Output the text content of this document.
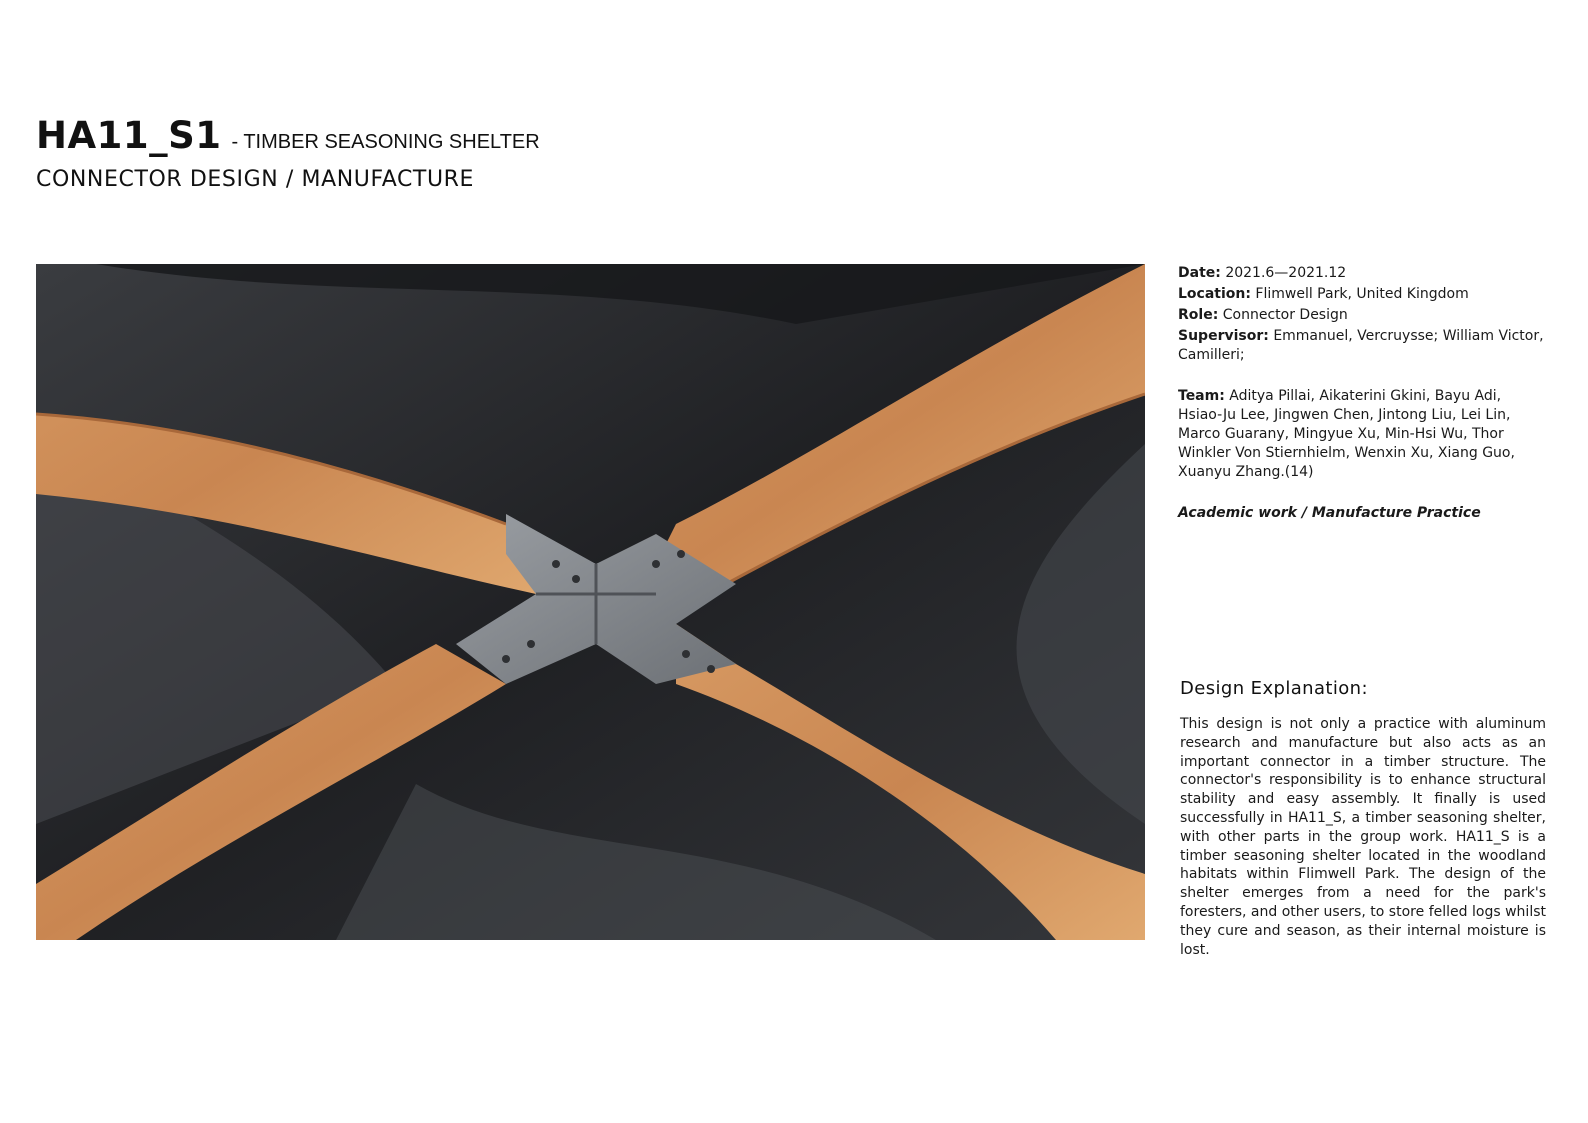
HA11_S1 - TIMBER SEASONING SHELTER
CONNECTOR DESIGN / MANUFACTURE

Date: 2021.6—2021.12

Location: Flimwell Park, United Kingdom

Role: Connector Design

Supervisor: Emmanuel, Vercruysse; William Victor, Camilleri;

Team: Aditya Pillai, Aikaterini Gkini, Bayu Adi, Hsiao-Ju Lee, Jingwen Chen, Jintong Liu, Lei Lin, Marco Guarany, Mingyue Xu, Min-Hsi Wu, Thor Winkler Von Stiernhielm, Wenxin Xu, Xiang Guo, Xuanyu Zhang.(14)

Academic work / Manufacture Practice

Design Explanation:

This design is not only a practice with aluminum research and manufacture but also acts as an important connector in a timber structure. The connector's responsibility is to enhance structural stability and easy assembly. It finally is used successfully in HA11_S, a timber seasoning shelter, with other parts in the group work. HA11_S is a timber seasoning shelter located in the woodland habitats within Flimwell Park. The design of the shelter emerges from a need for the park's foresters, and other users, to store felled logs whilst they cure and season, as their internal moisture is lost.
